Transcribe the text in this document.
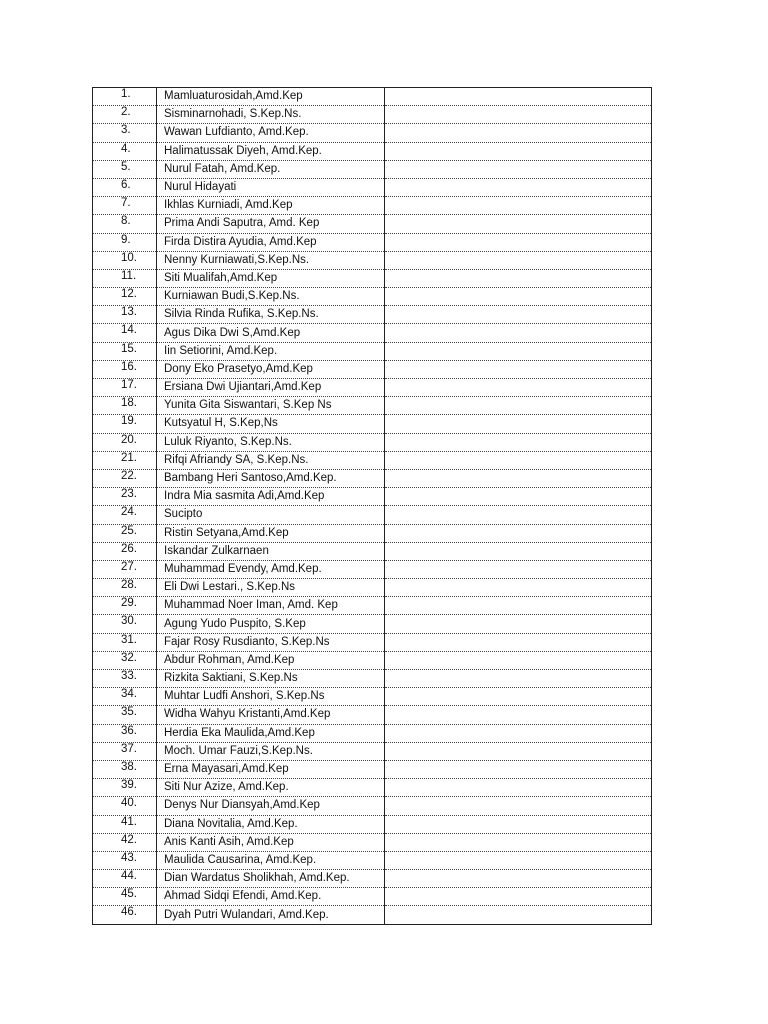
1.	Mamluaturosidah,Amd.Kep	
2.	Sisminarnohadi, S.Kep.Ns.	
3.	Wawan Lufdianto, Amd.Kep.	
4.	Halimatussak Diyeh, Amd.Kep.	
5.	Nurul Fatah, Amd.Kep.	
6.	Nurul Hidayati	
7.	Ikhlas Kurniadi, Amd.Kep	
8.	Prima Andi Saputra, Amd. Kep	
9.	Firda Distira Ayudia, Amd.Kep	
10.	Nenny Kurniawati,S.Kep.Ns.	
11.	Siti Mualifah,Amd.Kep	
12.	Kurniawan Budi,S.Kep.Ns.	
13.	Silvia Rinda Rufika, S.Kep.Ns.	
14.	Agus Dika Dwi S,Amd.Kep	
15.	Iin Setiorini, Amd.Kep.	
16.	Dony Eko Prasetyo,Amd.Kep	
17.	Ersiana Dwi Ujiantari,Amd.Kep	
18.	Yunita Gita Siswantari, S.Kep Ns	
19.	Kutsyatul H, S.Kep,Ns	
20.	Luluk Riyanto, S.Kep.Ns.	
21.	Rifqi Afriandy SA, S.Kep.Ns.	
22.	Bambang Heri Santoso,Amd.Kep.	
23.	Indra Mia sasmita Adi,Amd.Kep	
24.	Sucipto	
25.	Ristin Setyana,Amd.Kep	
26.	Iskandar Zulkarnaen	
27.	Muhammad Evendy, Amd.Kep.	
28.	Eli Dwi Lestari., S.Kep.Ns	
29.	Muhammad Noer Iman, Amd. Kep	
30.	Agung Yudo Puspito, S.Kep	
31.	Fajar Rosy Rusdianto, S.Kep.Ns	
32.	Abdur Rohman, Amd.Kep	
33.	Rizkita Saktiani, S.Kep.Ns	
34.	Muhtar Ludfi Anshori, S.Kep.Ns	
35.	Widha Wahyu Kristanti,Amd.Kep	
36.	Herdia Eka Maulida,Amd.Kep	
37.	Moch. Umar Fauzi,S.Kep.Ns.	
38.	Erna Mayasari,Amd.Kep	
39.	Siti Nur Azize, Amd.Kep.	
40.	Denys Nur Diansyah,Amd.Kep	
41.	Diana Novitalia, Amd.Kep.	
42.	Anis Kanti Asih, Amd.Kep	
43.	Maulida Causarina, Amd.Kep.	
44.	Dian Wardatus Sholikhah, Amd.Kep.	
45.	Ahmad Sidqi Efendi, Amd.Kep.	
46.	Dyah Putri Wulandari, Amd.Kep.	
